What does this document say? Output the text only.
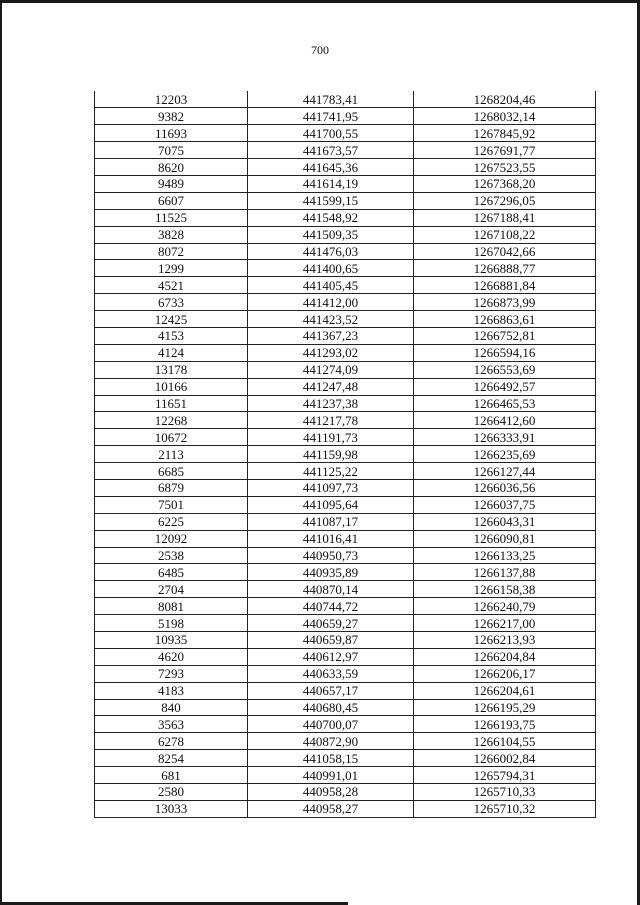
700
12203	441783,41	1268204,46
9382	441741,95	1268032,14
11693	441700,55	1267845,92
7075	441673,57	1267691,77
8620	441645,36	1267523,55
9489	441614,19	1267368,20
6607	441599,15	1267296,05
11525	441548,92	1267188,41
3828	441509,35	1267108,22
8072	441476,03	1267042,66
1299	441400,65	1266888,77
4521	441405,45	1266881,84
6733	441412,00	1266873,99
12425	441423,52	1266863,61
4153	441367,23	1266752,81
4124	441293,02	1266594,16
13178	441274,09	1266553,69
10166	441247,48	1266492,57
11651	441237,38	1266465,53
12268	441217,78	1266412,60
10672	441191,73	1266333,91
2113	441159,98	1266235,69
6685	441125,22	1266127,44
6879	441097,73	1266036,56
7501	441095,64	1266037,75
6225	441087,17	1266043,31
12092	441016,41	1266090,81
2538	440950,73	1266133,25
6485	440935,89	1266137,88
2704	440870,14	1266158,38
8081	440744,72	1266240,79
5198	440659,27	1266217,00
10935	440659,87	1266213,93
4620	440612,97	1266204,84
7293	440633,59	1266206,17
4183	440657,17	1266204,61
840	440680,45	1266195,29
3563	440700,07	1266193,75
6278	440872,90	1266104,55
8254	441058,15	1266002,84
681	440991,01	1265794,31
2580	440958,28	1265710,33
13033	440958,27	1265710,32
